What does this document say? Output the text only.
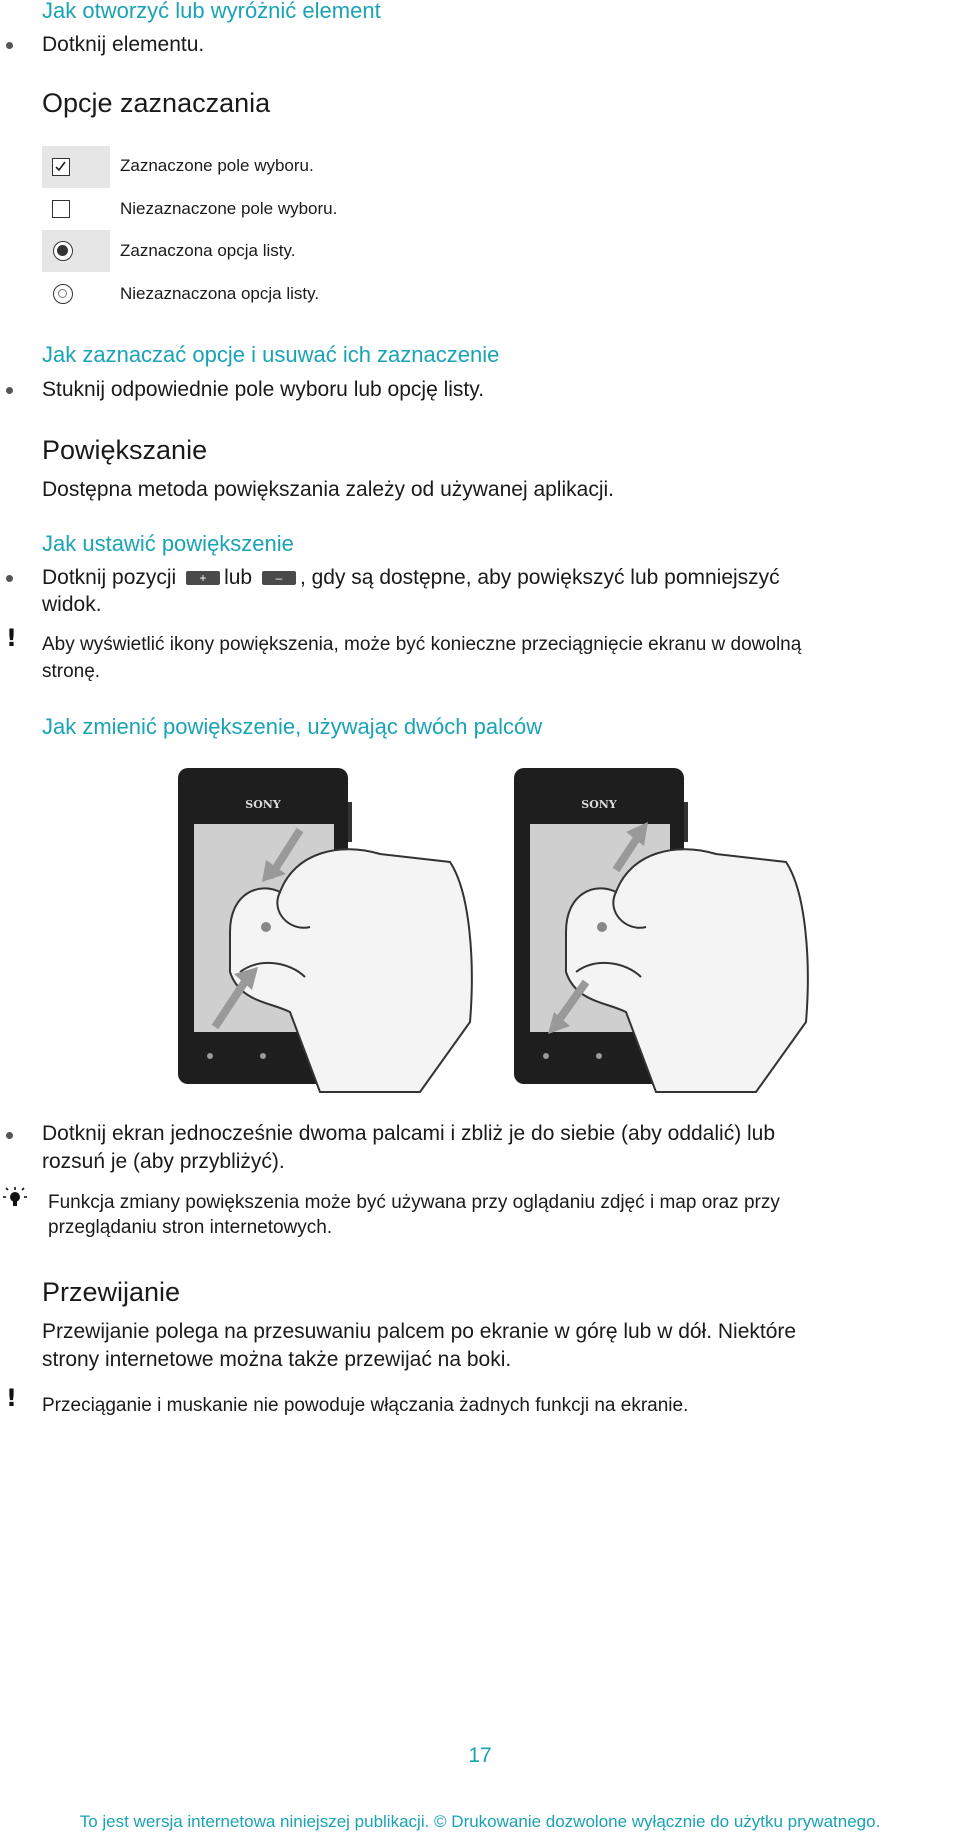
Jak otworzyć lub wyróżnić element
Dotknij elementu.
Opcje zaznaczania
Zaznaczone pole wyboru.
Niezaznaczone pole wyboru.
Zaznaczona opcja listy.
Niezaznaczona opcja listy.
Jak zaznaczać opcje i usuwać ich zaznaczenie
Stuknij odpowiednie pole wyboru lub opcję listy.
Powiększanie
Dostępna metoda powiększania zależy od używanej aplikacji.
Jak ustawić powiększenie
Dotknij pozycji + lub – , gdy są dostępne, aby powiększyć lub pomniejszyć
widok.
! Aby wyświetlić ikony powiększenia, może być konieczne przeciągnięcie ekranu w dowolną
stronę.
Jak zmienić powiększenie, używając dwóch palców
SONY	SONY
Dotknij ekran jednocześnie dwoma palcami i zbliż je do siebie (aby oddalić) lub
rozsuń je (aby przybliżyć).
Funkcja zmiany powiększenia może być używana przy oglądaniu zdjęć i map oraz przy
przeglądaniu stron internetowych.
Przewijanie
Przewijanie polega na przesuwaniu palcem po ekranie w górę lub w dół. Niektóre
strony internetowe można także przewijać na boki.
! Przeciąganie i muskanie nie powoduje włączania żadnych funkcji na ekranie.
17
To jest wersja internetowa niniejszej publikacji. © Drukowanie dozwolone wyłącznie do użytku prywatnego.
